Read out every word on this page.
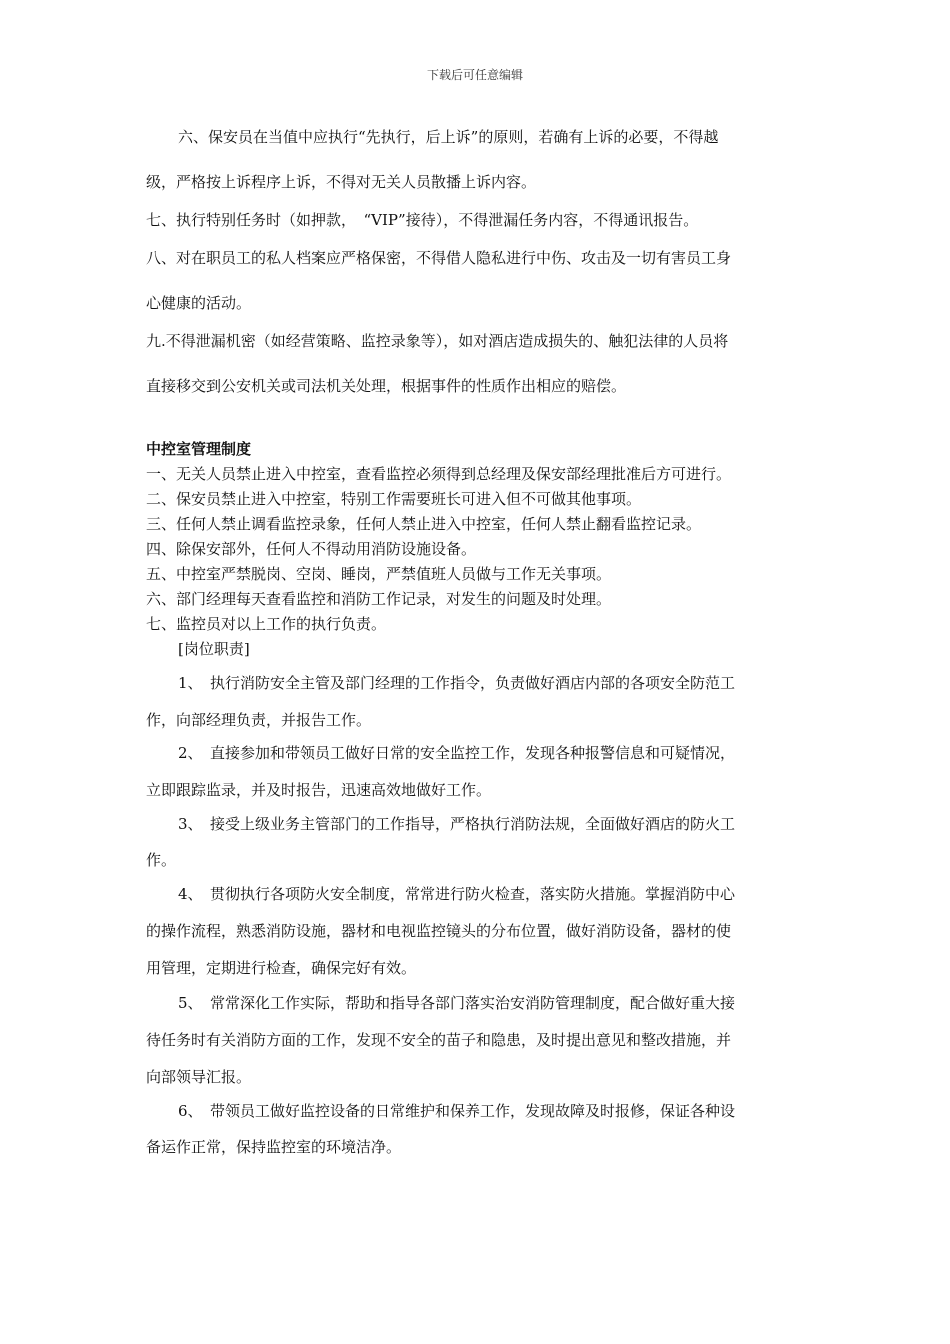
下载后可任意编辑
六、保安员在当值中应执行“先执行，后上诉”的原则，若确有上诉的必要，不得越
级，严格按上诉程序上诉，不得对无关人员散播上诉内容。
七、执行特别任务时（如押款，　“VIP”接待），不得泄漏任务内容，不得通讯报告。
八、对在职员工的私人档案应严格保密，不得借人隐私进行中伤、攻击及一切有害员工身
心健康的活动。
九.不得泄漏机密（如经营策略、监控录象等），如对酒店造成损失的、触犯法律的人员将
直接移交到公安机关或司法机关处理，根据事件的性质作出相应的赔偿。
中控室管理制度
一、无关人员禁止进入中控室，查看监控必须得到总经理及保安部经理批准后方可进行。
二、保安员禁止进入中控室，特别工作需要班长可进入但不可做其他事项。
三、任何人禁止调看监控录象，任何人禁止进入中控室，任何人禁止翻看监控记录。
四、除保安部外，任何人不得动用消防设施设备。
五、中控室严禁脱岗、空岗、睡岗，严禁值班人员做与工作无关事项。
六、部门经理每天查看监控和消防工作记录，对发生的问题及时处理。
七、监控员对以上工作的执行负责。
[岗位职责]
1、　执行消防安全主管及部门经理的工作指令，负责做好酒店内部的各项安全防范工
作，向部经理负责，并报告工作。
2、　直接参加和带领员工做好日常的安全监控工作，发现各种报警信息和可疑情况，
立即跟踪监录，并及时报告，迅速高效地做好工作。
3、　接受上级业务主管部门的工作指导，严格执行消防法规，全面做好酒店的防火工
作。
4、　贯彻执行各项防火安全制度，常常进行防火检查，落实防火措施。掌握消防中心
的操作流程，熟悉消防设施，器材和电视监控镜头的分布位置，做好消防设备，器材的使
用管理，定期进行检查，确保完好有效。
5、　常常深化工作实际，帮助和指导各部门落实治安消防管理制度，配合做好重大接
待任务时有关消防方面的工作，发现不安全的苗子和隐患，及时提出意见和整改措施，并
向部领导汇报。
6、　带领员工做好监控设备的日常维护和保养工作，发现故障及时报修，保证各种设
备运作正常，保持监控室的环境洁净。
